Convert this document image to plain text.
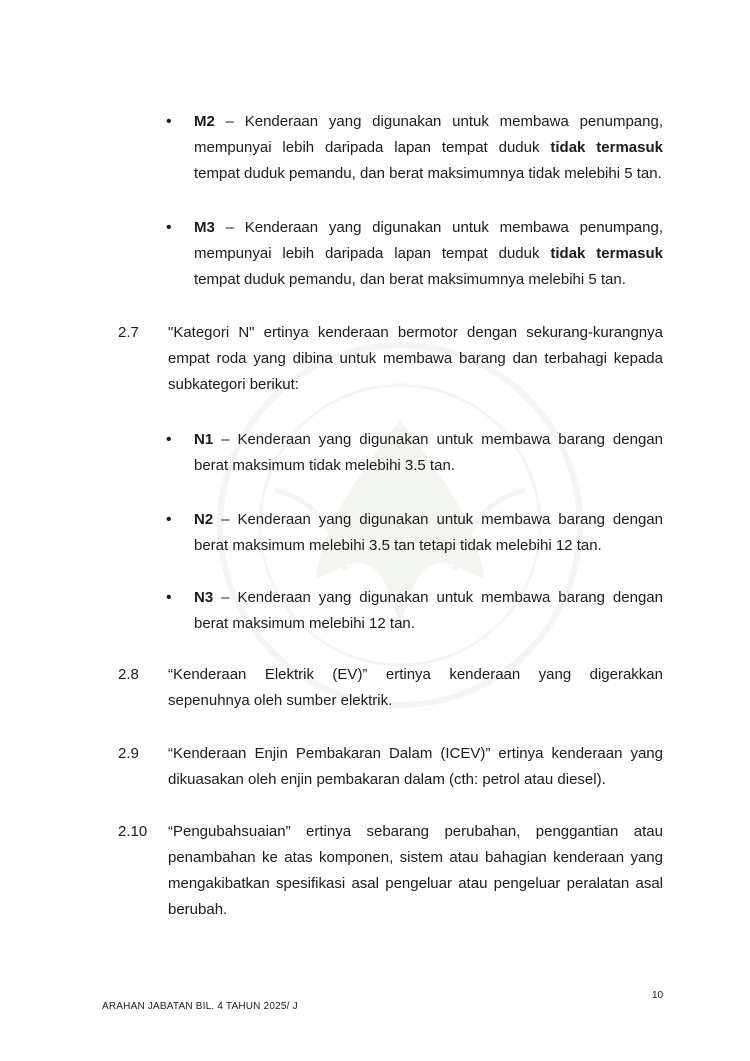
•	M2 – Kenderaan yang digunakan untuk membawa penumpang, mempunyai lebih daripada lapan tempat duduk tidak termasuk tempat duduk pemandu, dan berat maksimumnya tidak melebihi 5 tan.
•	M3 – Kenderaan yang digunakan untuk membawa penumpang, mempunyai lebih daripada lapan tempat duduk tidak termasuk tempat duduk pemandu, dan berat maksimumnya melebihi 5 tan.
2.7	"Kategori N" ertinya kenderaan bermotor dengan sekurang-kurangnya empat roda yang dibina untuk membawa barang dan terbahagi kepada subkategori berikut:
•	N1 – Kenderaan yang digunakan untuk membawa barang dengan berat maksimum tidak melebihi 3.5 tan.
•	N2 – Kenderaan yang digunakan untuk membawa barang dengan berat maksimum melebihi 3.5 tan tetapi tidak melebihi 12 tan.
•	N3 – Kenderaan yang digunakan untuk membawa barang dengan berat maksimum melebihi 12 tan.
2.8	“Kenderaan Elektrik (EV)” ertinya kenderaan yang digerakkan sepenuhnya oleh sumber elektrik.
2.9	“Kenderaan Enjin Pembakaran Dalam (ICEV)” ertinya kenderaan yang dikuasakan oleh enjin pembakaran dalam (cth: petrol atau diesel).
2.10	“Pengubahsuaian” ertinya sebarang perubahan, penggantian atau penambahan ke atas komponen, sistem atau bahagian kenderaan yang mengakibatkan spesifikasi asal pengeluar atau pengeluar peralatan asal berubah.
10
ARAHAN JABATAN BIL. 4 TAHUN 2025/ J
